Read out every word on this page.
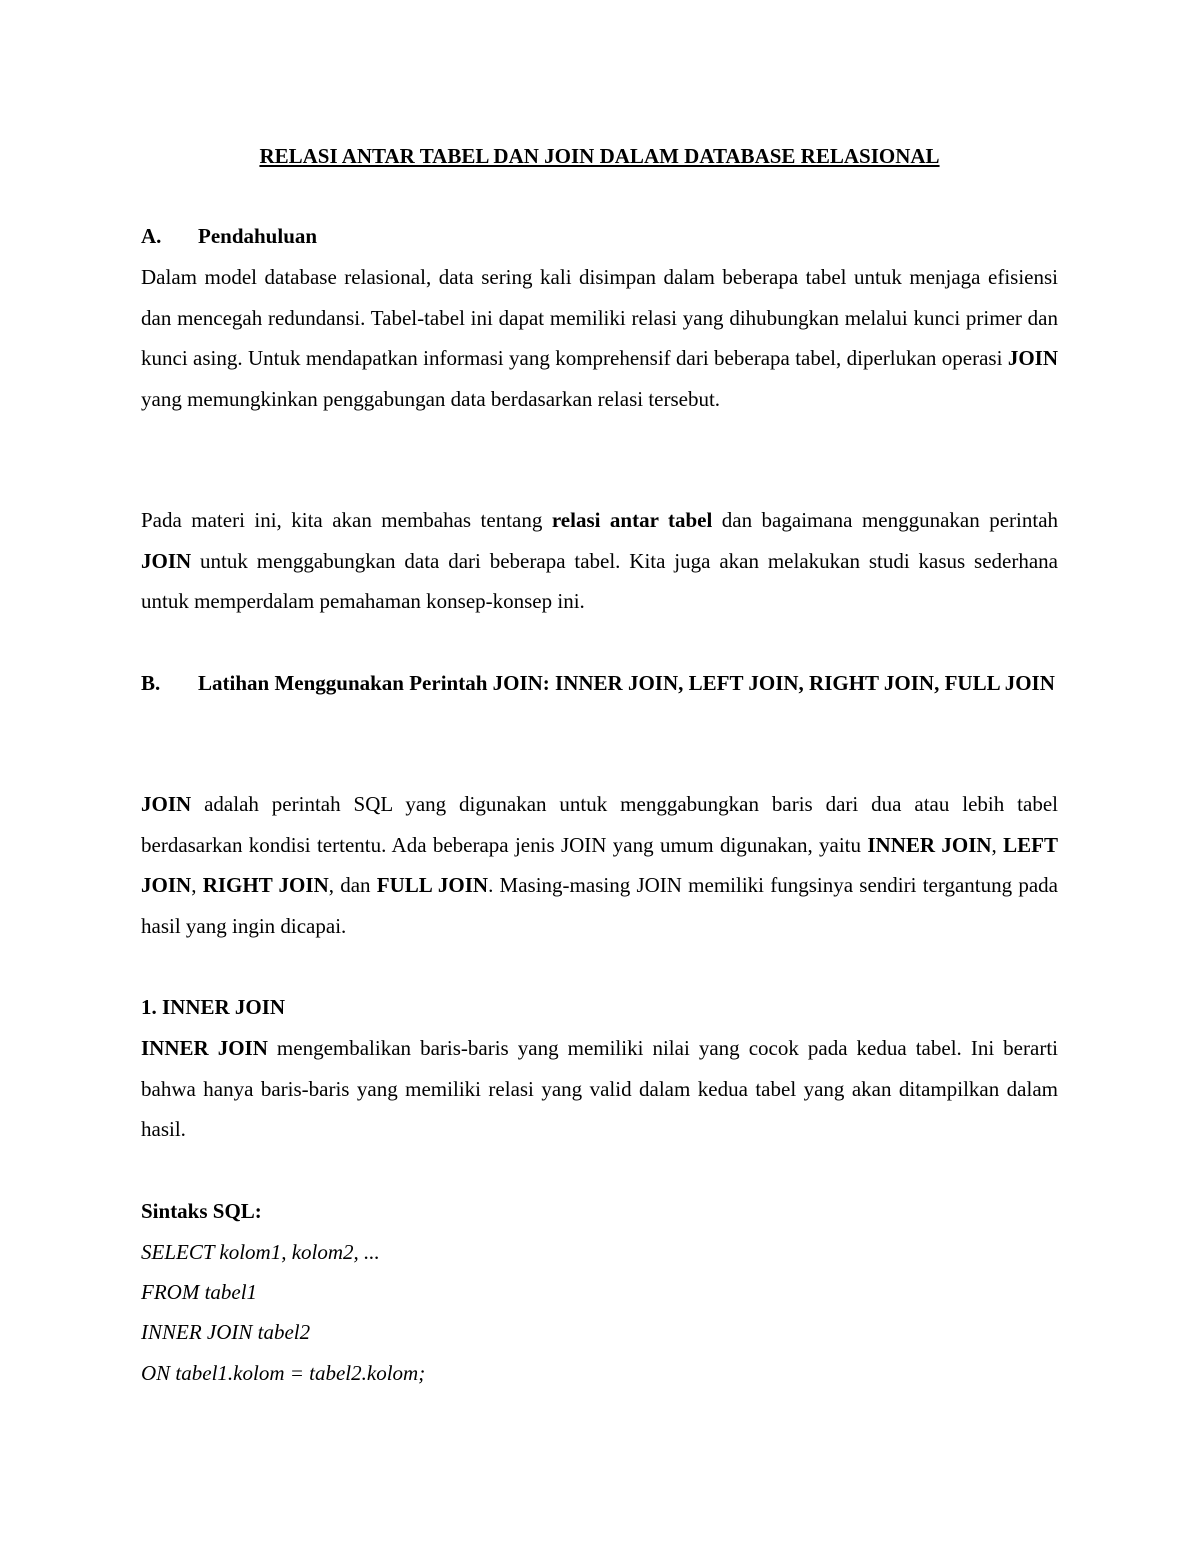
RELASI ANTAR TABEL DAN JOIN DALAM DATABASE RELASIONAL
A. Pendahuluan
Dalam model database relasional, data sering kali disimpan dalam beberapa tabel untuk menjaga efisiensi dan mencegah redundansi. Tabel-tabel ini dapat memiliki relasi yang dihubungkan melalui kunci primer dan kunci asing. Untuk mendapatkan informasi yang komprehensif dari beberapa tabel, diperlukan operasi JOIN yang memungkinkan penggabungan data berdasarkan relasi tersebut.
Pada materi ini, kita akan membahas tentang relasi antar tabel dan bagaimana menggunakan perintah JOIN untuk menggabungkan data dari beberapa tabel. Kita juga akan melakukan studi kasus sederhana untuk memperdalam pemahaman konsep-konsep ini.
B. Latihan Menggunakan Perintah JOIN: INNER JOIN, LEFT JOIN, RIGHT JOIN, FULL JOIN
JOIN adalah perintah SQL yang digunakan untuk menggabungkan baris dari dua atau lebih tabel berdasarkan kondisi tertentu. Ada beberapa jenis JOIN yang umum digunakan, yaitu INNER JOIN, LEFT JOIN, RIGHT JOIN, dan FULL JOIN. Masing-masing JOIN memiliki fungsinya sendiri tergantung pada hasil yang ingin dicapai.
1. INNER JOIN
INNER JOIN mengembalikan baris-baris yang memiliki nilai yang cocok pada kedua tabel. Ini berarti bahwa hanya baris-baris yang memiliki relasi yang valid dalam kedua tabel yang akan ditampilkan dalam hasil.
Sintaks SQL:
SELECT kolom1, kolom2, ...
FROM tabel1
INNER JOIN tabel2
ON tabel1.kolom = tabel2.kolom;
